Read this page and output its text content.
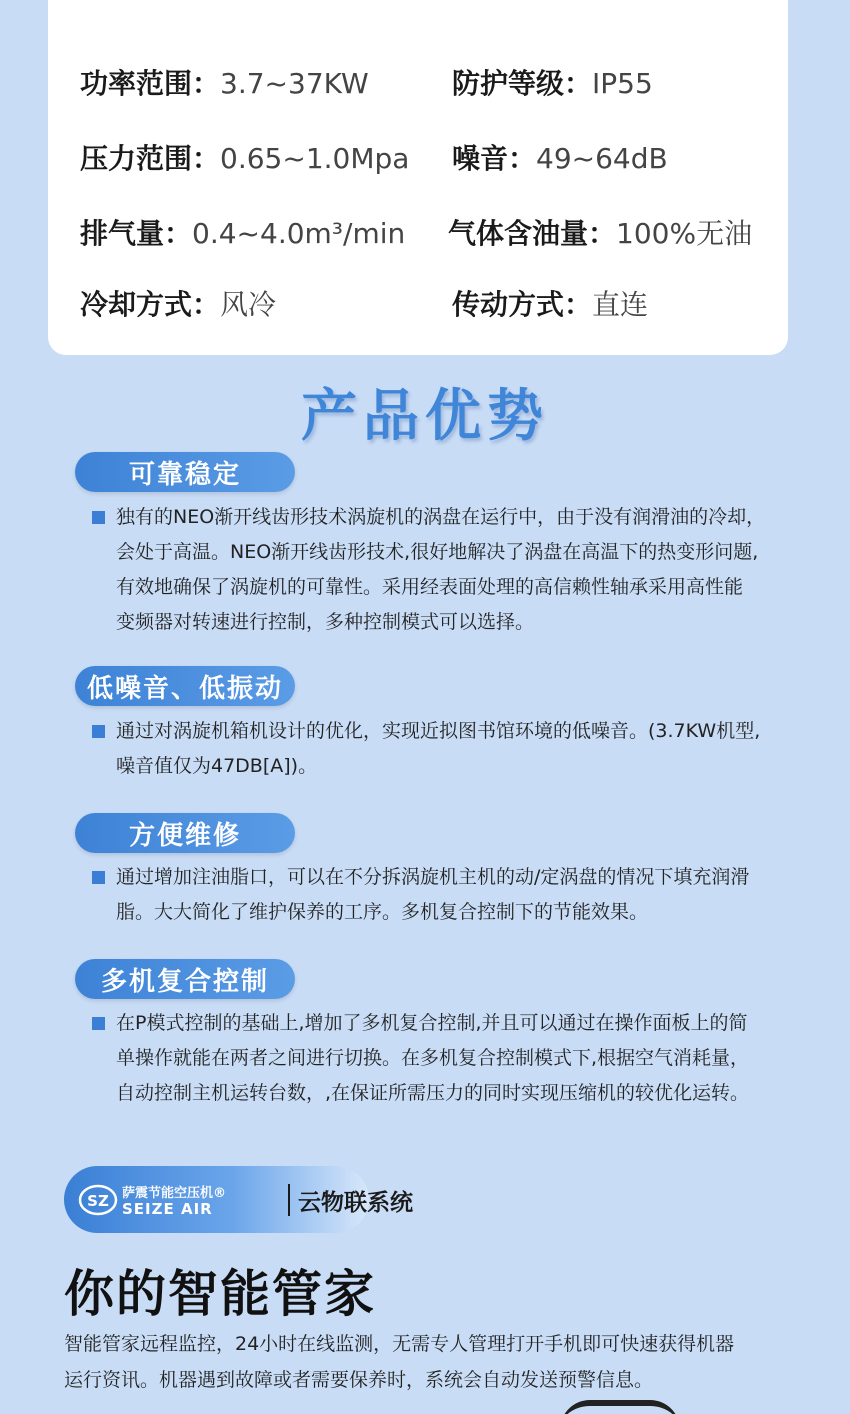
功率范围：3.7~37KW	防护等级：IP55
压力范围：0.65~1.0Mpa 噪音：49~64dB
排气量：0.4~4.0m³/min 气体含油量：100%无油
冷却方式：风冷	传动方式：直连
产品优势
可靠稳定
独有的NEO渐开线齿形技术涡旋机的涡盘在运行中，由于没有润滑油的冷却，
会处于高温。NEO渐开线齿形技术,很好地解决了涡盘在高温下的热变形问题,
有效地确保了涡旋机的可靠性。采用经表面处理的高信赖性轴承采用高性能
变频器对转速进行控制，多种控制模式可以选择。
低噪音、低振动
通过对涡旋机箱机设计的优化，实现近拟图书馆环境的低噪音。(3.7KW机型,
噪音值仅为47DB[A])。
方便维修
通过增加注油脂口，可以在不分拆涡旋机主机的动/定涡盘的情况下填充润滑
脂。大大简化了维护保养的工序。多机复合控制下的节能效果。
多机复合控制
在P模式控制的基础上,增加了多机复合控制,并且可以通过在操作面板上的简
单操作就能在两者之间进行切换。在多机复合控制模式下,根据空气消耗量，
自动控制主机运转台数，,在保证所需压力的同时实现压缩机的较优化运转。
SZ 萨震节能空压机®
SEIZE AIR	云物联系统
你的智能管家
智能管家远程监控，24小时在线监测，无需专人管理打开手机即可快速获得机器
运行资讯。机器遇到故障或者需要保养时，系统会自动发送预警信息。
